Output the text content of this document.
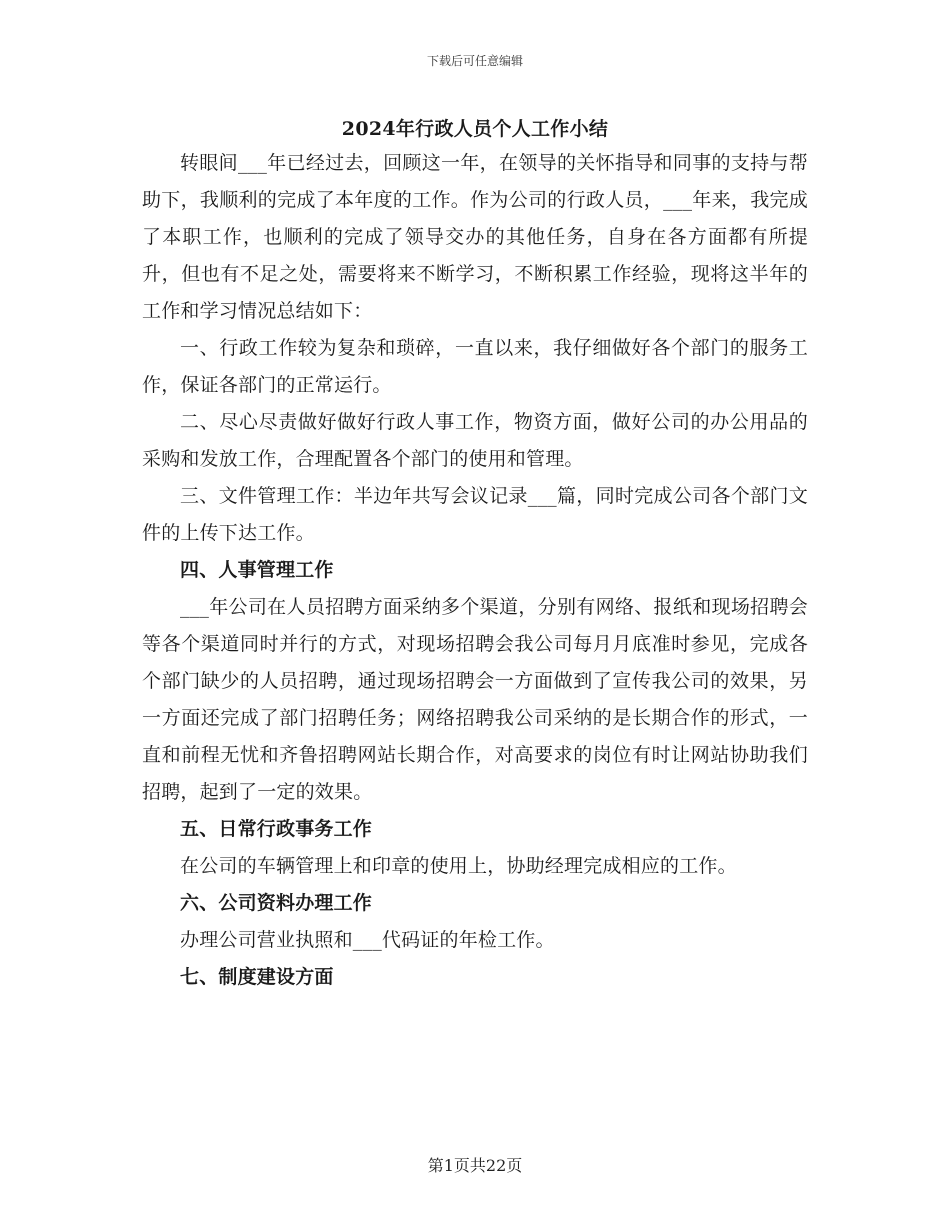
下载后可任意编辑
2024年行政人员个人工作小结

转眼间___年已经过去，回顾这一年，在领导的关怀指导和同事的支持与帮助下，我顺利的完成了本年度的工作。作为公司的行政人员，___年来，我完成了本职工作，也顺利的完成了领导交办的其他任务，自身在各方面都有所提升，但也有不足之处，需要将来不断学习，不断积累工作经验，现将这半年的工作和学习情况总结如下：

一、行政工作较为复杂和琐碎，一直以来，我仔细做好各个部门的服务工作，保证各部门的正常运行。

二、尽心尽责做好做好行政人事工作，物资方面，做好公司的办公用品的采购和发放工作，合理配置各个部门的使用和管理。

三、文件管理工作：半边年共写会议记录___篇，同时完成公司各个部门文件的上传下达工作。

四、人事管理工作

___年公司在人员招聘方面采纳多个渠道，分别有网络、报纸和现场招聘会等各个渠道同时并行的方式，对现场招聘会我公司每月月底准时参见，完成各个部门缺少的人员招聘，通过现场招聘会一方面做到了宣传我公司的效果，另一方面还完成了部门招聘任务；网络招聘我公司采纳的是长期合作的形式，一直和前程无忧和齐鲁招聘网站长期合作，对高要求的岗位有时让网站协助我们招聘，起到了一定的效果。

五、日常行政事务工作

在公司的车辆管理上和印章的使用上，协助经理完成相应的工作。

六、公司资料办理工作

办理公司营业执照和___代码证的年检工作。

七、制度建设方面

第1页共22页
